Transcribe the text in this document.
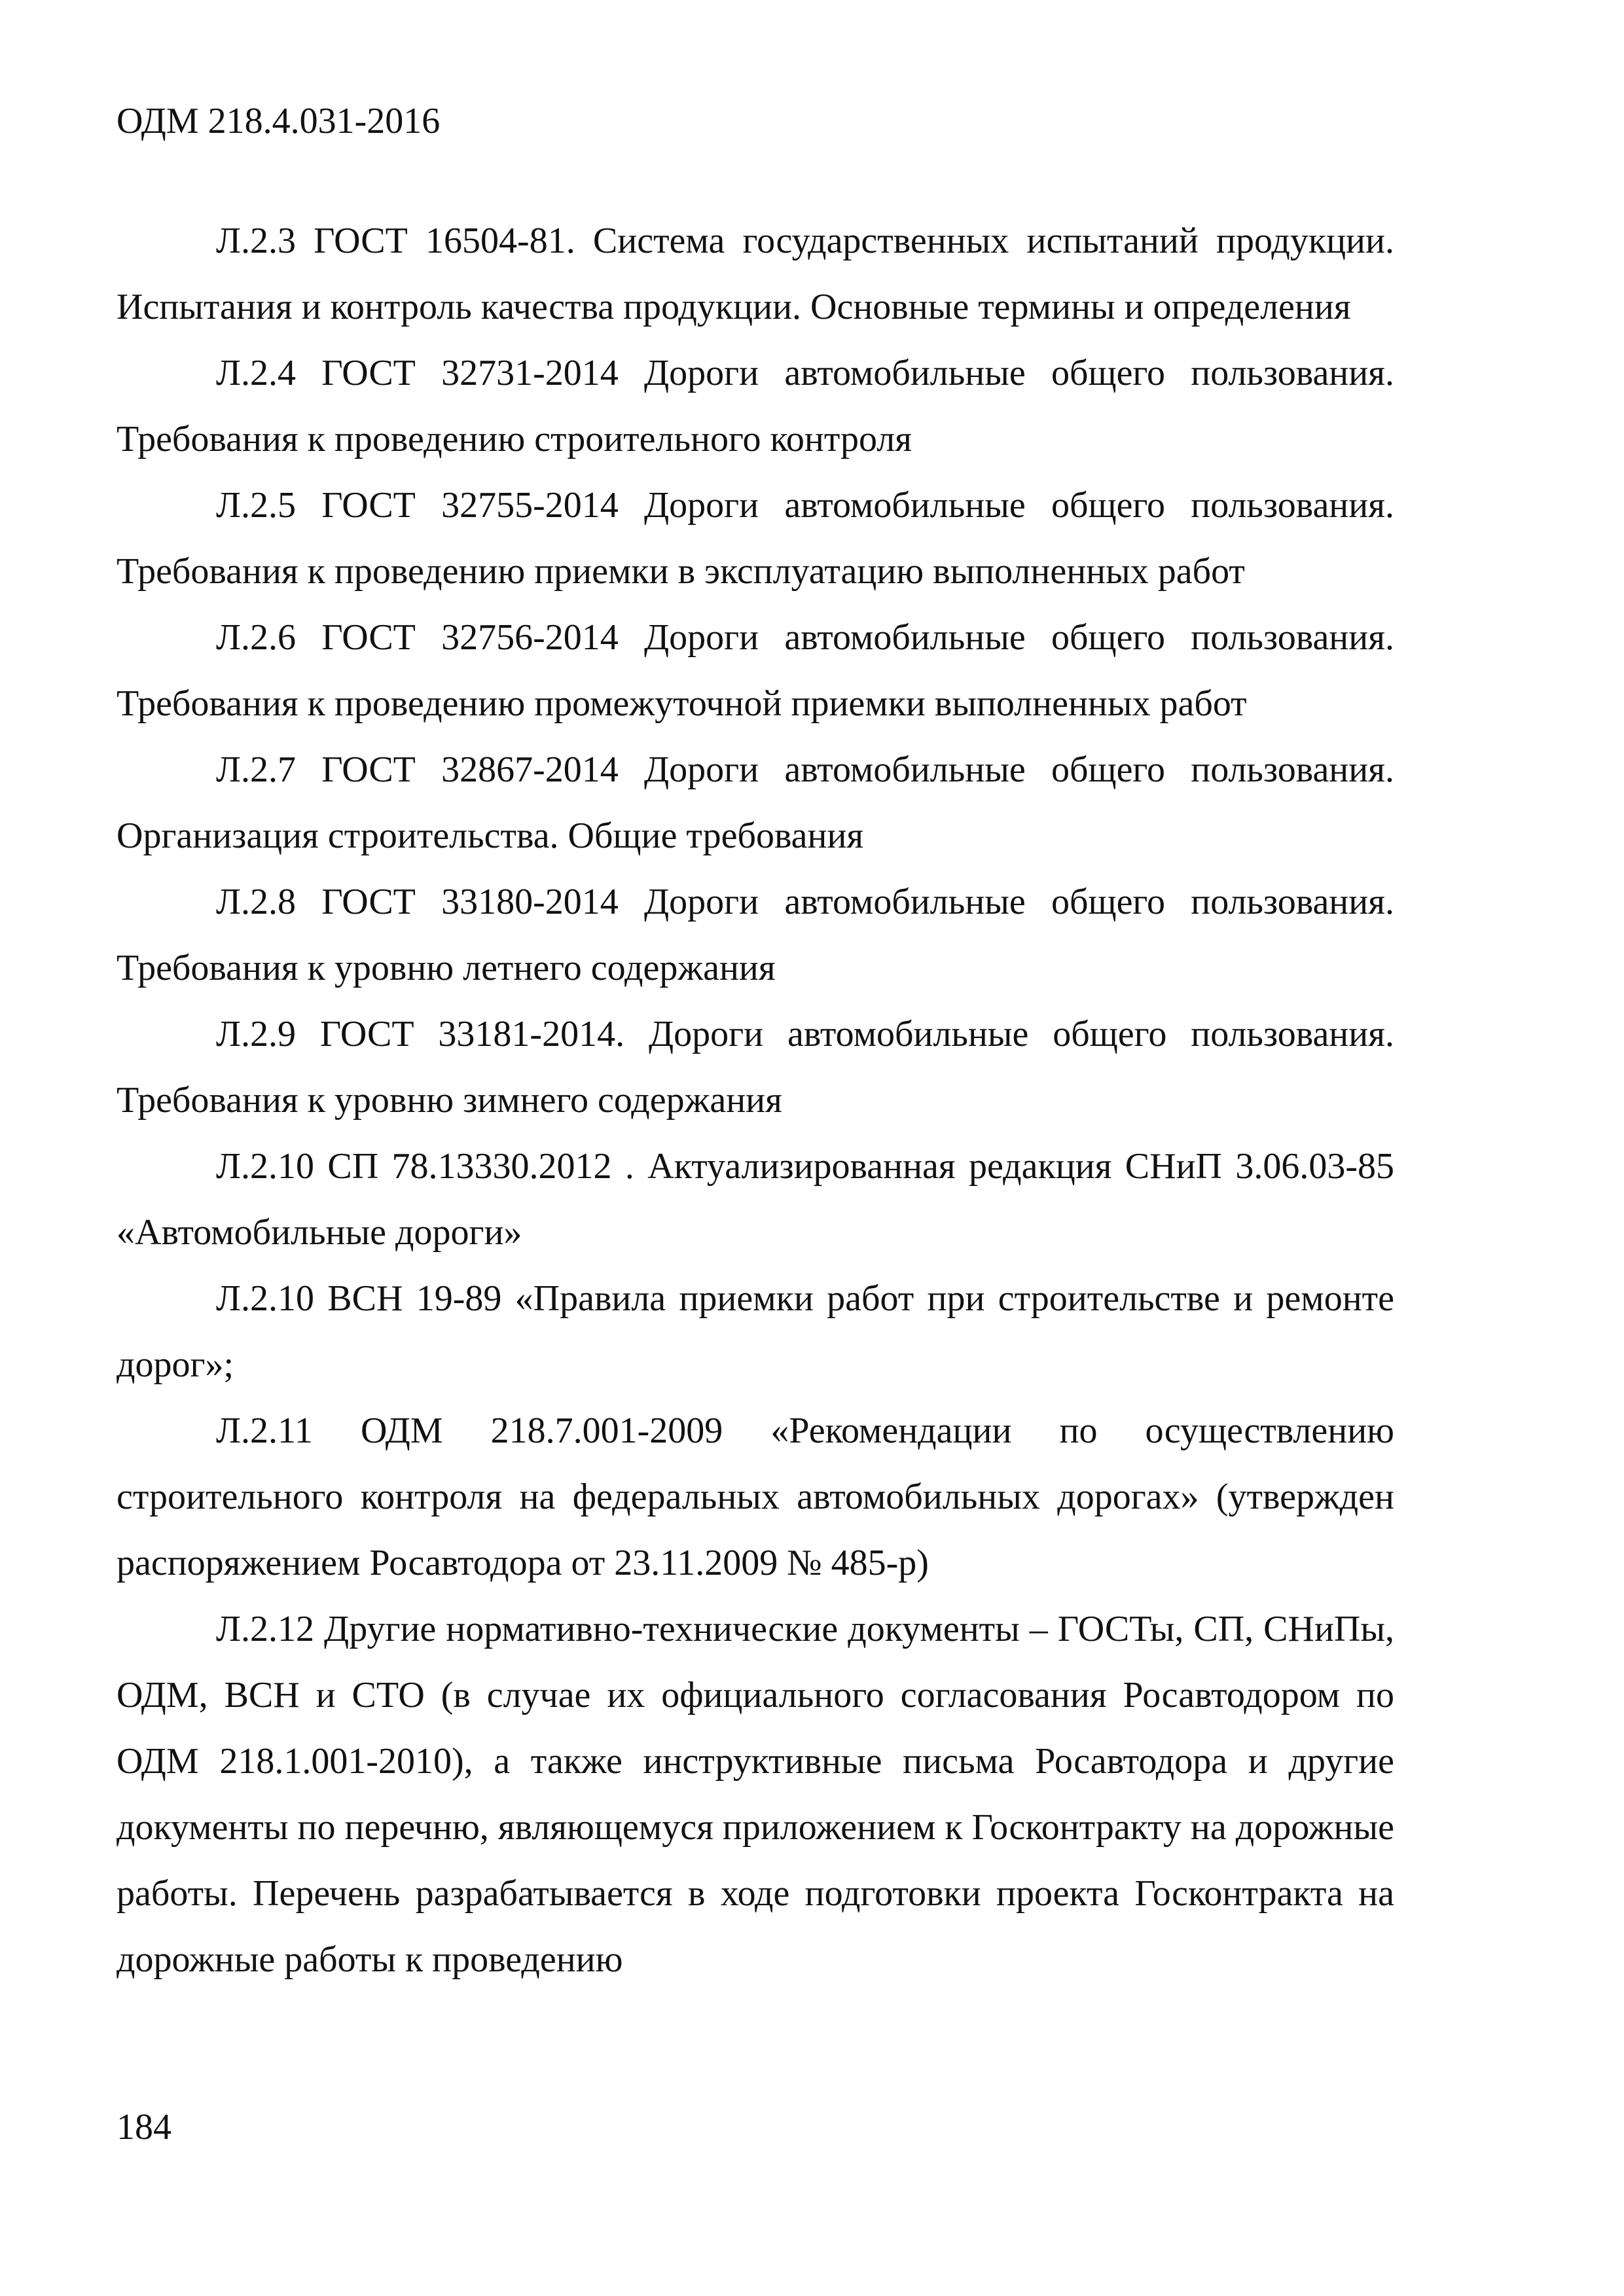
ОДМ 218.4.031-2016

Л.2.3 ГОСТ 16504-81. Система государственных испытаний продукции. Испытания и контроль качества продукции. Основные термины и определения

Л.2.4 ГОСТ 32731-2014 Дороги автомобильные общего пользования. Требования к проведению строительного контроля

Л.2.5 ГОСТ 32755-2014 Дороги автомобильные общего пользования. Требования к проведению приемки в эксплуатацию выполненных работ

Л.2.6 ГОСТ 32756-2014 Дороги автомобильные общего пользования. Требования к проведению промежуточной приемки выполненных работ

Л.2.7 ГОСТ 32867-2014 Дороги автомобильные общего пользования. Организация строительства. Общие требования

Л.2.8 ГОСТ 33180-2014 Дороги автомобильные общего пользования. Требования к уровню летнего содержания

Л.2.9 ГОСТ 33181-2014. Дороги автомобильные общего пользования. Требования к уровню зимнего содержания

Л.2.10 СП 78.13330.2012 . Актуализированная редакция СНиП 3.06.03-85 «Автомобильные дороги»

Л.2.10 ВСН 19-89 «Правила приемки работ при строительстве и ремонте дорог»;

Л.2.11 ОДМ 218.7.001-2009 «Рекомендации по осуществлению строительного контроля на федеральных автомобильных дорогах» (утвержден распоряжением Росавтодора от 23.11.2009 № 485-р)

Л.2.12 Другие нормативно-технические документы – ГОСТы, СП, СНиПы, ОДМ, ВСН и СТО (в случае их официального согласования Росавтодором по ОДМ 218.1.001-2010), а также инструктивные письма Росавтодора и другие документы по перечню, являющемуся приложением к Госконтракту на дорожные работы. Перечень разрабатывается в ходе подготовки проекта Госконтракта на дорожные работы к проведению

184
